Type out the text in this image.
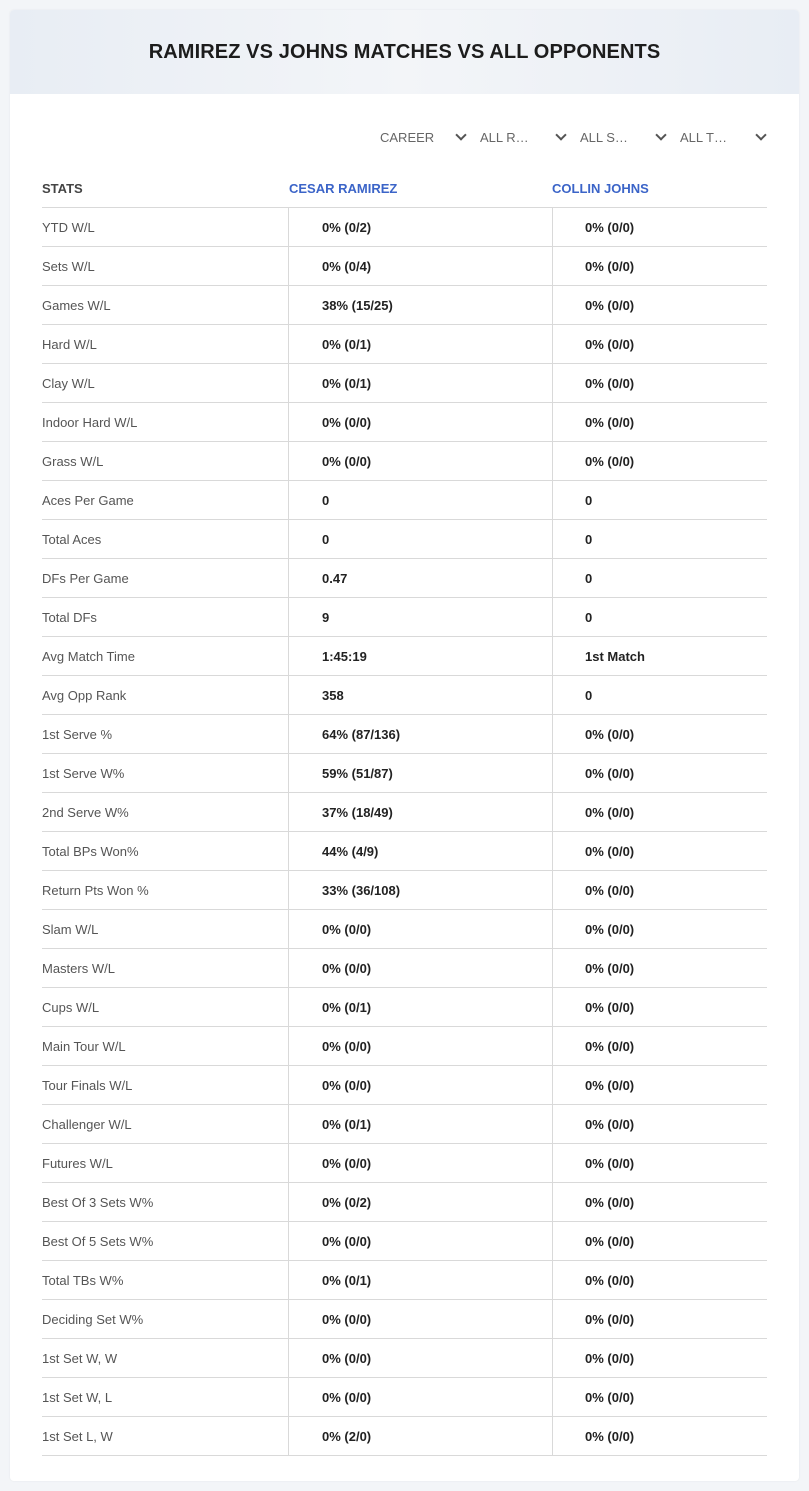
RAMIREZ VS JOHNS MATCHES VS ALL OPPONENTS
CAREER	ALL R…	ALL S…	ALL T…
STATS	CESAR RAMIREZ	COLLIN JOHNS
YTD W/L	0% (0/2)	0% (0/0)
Sets W/L	0% (0/4)	0% (0/0)
Games W/L	38% (15/25)	0% (0/0)
Hard W/L	0% (0/1)	0% (0/0)
Clay W/L	0% (0/1)	0% (0/0)
Indoor Hard W/L	0% (0/0)	0% (0/0)
Grass W/L	0% (0/0)	0% (0/0)
Aces Per Game	0	0
Total Aces	0	0
DFs Per Game	0.47	0
Total DFs	9	0
Avg Match Time	1:45:19	1st Match
Avg Opp Rank	358	0
1st Serve %	64% (87/136)	0% (0/0)
1st Serve W%	59% (51/87)	0% (0/0)
2nd Serve W%	37% (18/49)	0% (0/0)
Total BPs Won%	44% (4/9)	0% (0/0)
Return Pts Won %	33% (36/108)	0% (0/0)
Slam W/L	0% (0/0)	0% (0/0)
Masters W/L	0% (0/0)	0% (0/0)
Cups W/L	0% (0/1)	0% (0/0)
Main Tour W/L	0% (0/0)	0% (0/0)
Tour Finals W/L	0% (0/0)	0% (0/0)
Challenger W/L	0% (0/1)	0% (0/0)
Futures W/L	0% (0/0)	0% (0/0)
Best Of 3 Sets W%	0% (0/2)	0% (0/0)
Best Of 5 Sets W%	0% (0/0)	0% (0/0)
Total TBs W%	0% (0/1)	0% (0/0)
Deciding Set W%	0% (0/0)	0% (0/0)
1st Set W, W	0% (0/0)	0% (0/0)
1st Set W, L	0% (0/0)	0% (0/0)
1st Set L, W	0% (2/0)	0% (0/0)
